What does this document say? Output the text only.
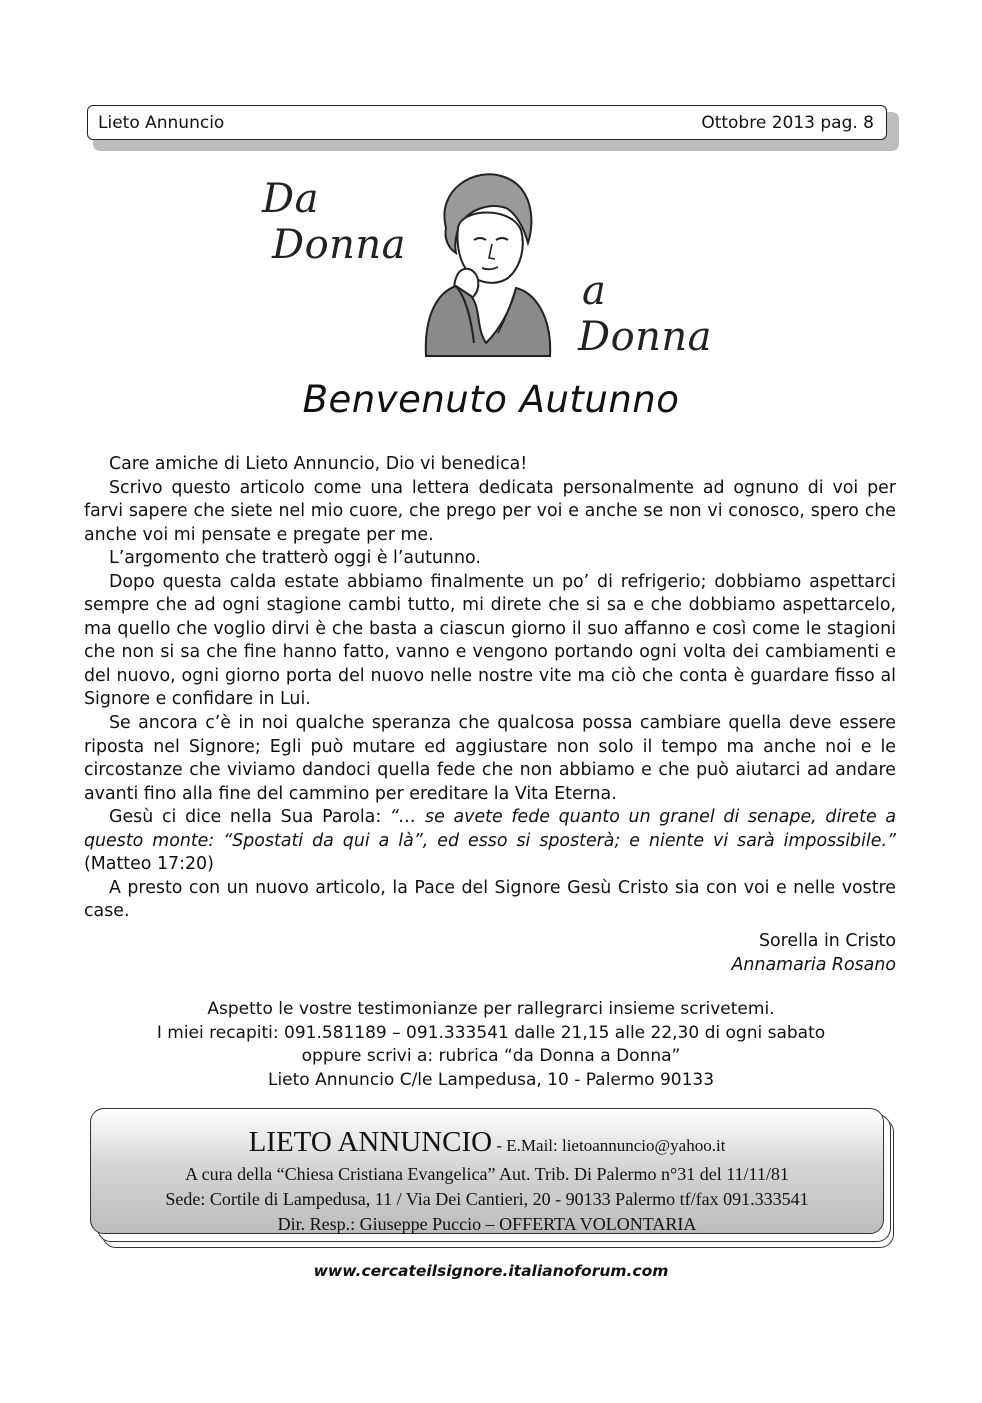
Lieto Annuncio	Ottobre 2013 pag. 8
Da
Donna
a
Donna
Benvenuto Autunno

Care amiche di Lieto Annuncio, Dio vi benedica!

Scrivo questo articolo come una lettera dedicata personalmente ad ognuno di voi per farvi sapere che siete nel mio cuore, che prego per voi e anche se non vi conosco, spero che anche voi mi pensate e pregate per me.

L’argomento che tratterò oggi è l’autunno.

Dopo questa calda estate abbiamo finalmente un po’ di refrigerio; dobbiamo aspettarci sempre che ad ogni stagione cambi tutto, mi direte che si sa e che dobbiamo aspettarcelo, ma quello che voglio dirvi è che basta a ciascun giorno il suo affanno e così come le stagioni che non si sa che fine hanno fatto, vanno e vengono portando ogni volta dei cambiamenti e del nuovo, ogni giorno porta del nuovo nelle nostre vite ma ciò che conta è guardare fisso al Signore e confidare in Lui.

Se ancora c’è in noi qualche speranza che qualcosa possa cambiare quella deve essere riposta nel Signore; Egli può mutare ed aggiustare non solo il tempo ma anche noi e le circostanze che viviamo dandoci quella fede che non abbiamo e che può aiutarci ad andare avanti fino alla fine del cammino per ereditare la Vita Eterna.

Gesù ci dice nella Sua Parola: “… se avete fede quanto un granel di senape, direte a questo monte: “Spostati da qui a là”, ed esso si sposterà; e niente vi sarà impossibile.” (Matteo 17:20)

A presto con un nuovo articolo, la Pace del Signore Gesù Cristo sia con voi e nelle vostre case.

Sorella in Cristo
Annamaria Rosano
Aspetto le vostre testimonianze per rallegrarci insieme scrivetemi.
I miei recapiti: 091.581189 – 091.333541 dalle 21,15 alle 22,30 di ogni sabato
oppure scrivi a: rubrica “da Donna a Donna”
Lieto Annuncio C/le Lampedusa, 10 - Palermo 90133
LIETO ANNUNCIO - E.Mail: lietoannuncio@yahoo.it
A cura della “Chiesa Cristiana Evangelica” Aut. Trib. Di Palermo n°31 del 11/11/81
Sede: Cortile di Lampedusa, 11 / Via Dei Cantieri, 20 - 90133 Palermo tf/fax 091.333541
Dir. Resp.: Giuseppe Puccio – OFFERTA VOLONTARIA
www.cercateilsignore.italianoforum.com
